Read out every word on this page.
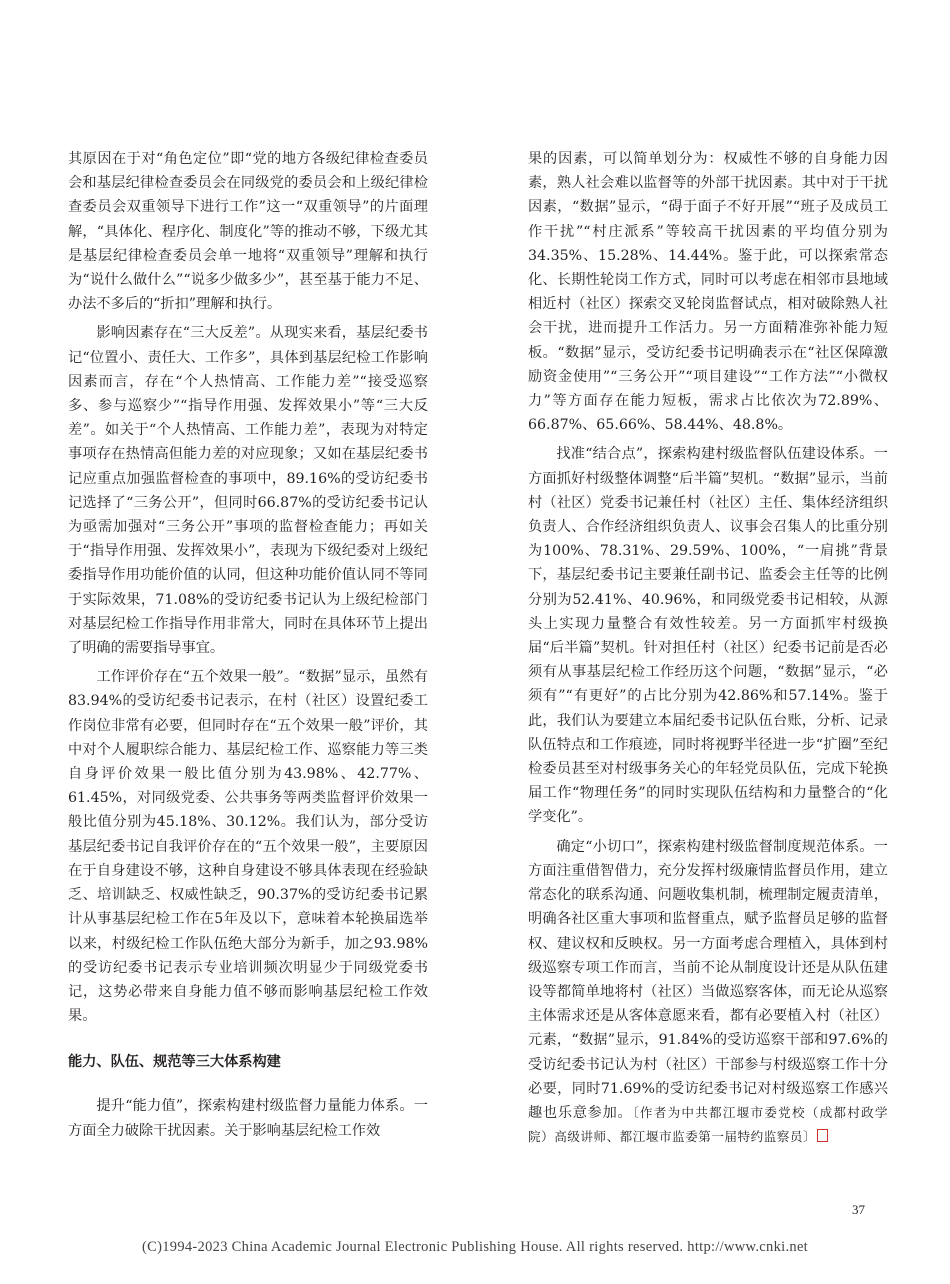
其原因在于对“角色定位”即“党的地方各级纪律检查委员会和基层纪律检查委员会在同级党的委员会和上级纪律检查委员会双重领导下进行工作”这一“双重领导”的片面理解，“具体化、程序化、制度化”等的推动不够，下级尤其是基层纪律检查委员会单一地将“双重领导”理解和执行为“说什么做什么”“说多少做多少”，甚至基于能力不足、办法不多后的“折扣”理解和执行。

影响因素存在“三大反差”。从现实来看，基层纪委书记“位置小、责任大、工作多”，具体到基层纪检工作影响因素而言，存在“个人热情高、工作能力差”“接受巡察多、参与巡察少”“指导作用强、发挥效果小”等“三大反差”。如关于“个人热情高、工作能力差”，表现为对特定事项存在热情高但能力差的对应现象；又如在基层纪委书记应重点加强监督检查的事项中，89.16%的受访纪委书记选择了“三务公开”，但同时66.87%的受访纪委书记认为亟需加强对“三务公开”事项的监督检查能力；再如关于“指导作用强、发挥效果小”，表现为下级纪委对上级纪委指导作用功能价值的认同，但这种功能价值认同不等同于实际效果，71.08%的受访纪委书记认为上级纪检部门对基层纪检工作指导作用非常大，同时在具体环节上提出了明确的需要指导事宜。

工作评价存在“五个效果一般”。“数据”显示，虽然有83.94%的受访纪委书记表示，在村（社区）设置纪委工作岗位非常有必要，但同时存在“五个效果一般”评价，其中对个人履职综合能力、基层纪检工作、巡察能力等三类自身评价效果一般比值分别为43.98%、42.77%、61.45%，对同级党委、公共事务等两类监督评价效果一般比值分别为45.18%、30.12%。我们认为，部分受访基层纪委书记自我评价存在的“五个效果一般”，主要原因在于自身建设不够，这种自身建设不够具体表现在经验缺乏、培训缺乏、权威性缺乏，90.37%的受访纪委书记累计从事基层纪检工作在5年及以下，意味着本轮换届选举以来，村级纪检工作队伍绝大部分为新手，加之93.98%的受访纪委书记表示专业培训频次明显少于同级党委书记，这势必带来自身能力值不够而影响基层纪检工作效果。

能力、队伍、规范等三大体系构建

提升“能力值”，探索构建村级监督力量能力体系。一方面全力破除干扰因素。关于影响基层纪检工作效

果的因素，可以简单划分为：权威性不够的自身能力因素，熟人社会难以监督等的外部干扰因素。其中对于干扰因素，“数据”显示，“碍于面子不好开展”“班子及成员工作干扰”“村庄派系”等较高干扰因素的平均值分别为34.35%、15.28%、14.44%。鉴于此，可以探索常态化、长期性轮岗工作方式，同时可以考虑在相邻市县地域相近村（社区）探索交叉轮岗监督试点，相对破除熟人社会干扰，进而提升工作活力。另一方面精准弥补能力短板。“数据”显示，受访纪委书记明确表示在“社区保障激励资金使用”“三务公开”“项目建设”“工作方法”“小微权力”等方面存在能力短板，需求占比依次为72.89%、66.87%、65.66%、58.44%、48.8%。

找准“结合点”，探索构建村级监督队伍建设体系。一方面抓好村级整体调整“后半篇”契机。“数据”显示，当前村（社区）党委书记兼任村（社区）主任、集体经济组织负责人、合作经济组织负责人、议事会召集人的比重分别为100%、78.31%、29.59%、100%，“一肩挑”背景下，基层纪委书记主要兼任副书记、监委会主任等的比例分别为52.41%、40.96%，和同级党委书记相较，从源头上实现力量整合有效性较差。另一方面抓牢村级换届“后半篇”契机。针对担任村（社区）纪委书记前是否必须有从事基层纪检工作经历这个问题，“数据”显示，“必须有”“有更好”的占比分别为42.86%和57.14%。鉴于此，我们认为要建立本届纪委书记队伍台账，分析、记录队伍特点和工作痕迹，同时将视野半径进一步“扩圈”至纪检委员甚至对村级事务关心的年轻党员队伍，完成下轮换届工作“物理任务”的同时实现队伍结构和力量整合的“化学变化”。

确定“小切口”，探索构建村级监督制度规范体系。一方面注重借智借力，充分发挥村级廉情监督员作用，建立常态化的联系沟通、问题收集机制，梳理制定履责清单，明确各社区重大事项和监督重点，赋予监督员足够的监督权、建议权和反映权。另一方面考虑合理植入，具体到村级巡察专项工作而言，当前不论从制度设计还是从队伍建设等都简单地将村（社区）当做巡察客体，而无论从巡察主体需求还是从客体意愿来看，都有必要植入村（社区）元素，“数据”显示，91.84%的受访巡察干部和97.6%的受访纪委书记认为村（社区）干部参与村级巡察工作十分必要，同时71.69%的受访纪委书记对村级巡察工作感兴趣也乐意参加。〔作者为中共都江堰市委党校（成都村政学院）高级讲师、都江堰市监委第一届特约监察员〕

37
(C)1994-2023 China Academic Journal Electronic Publishing House. All rights reserved. http://www.cnki.net
